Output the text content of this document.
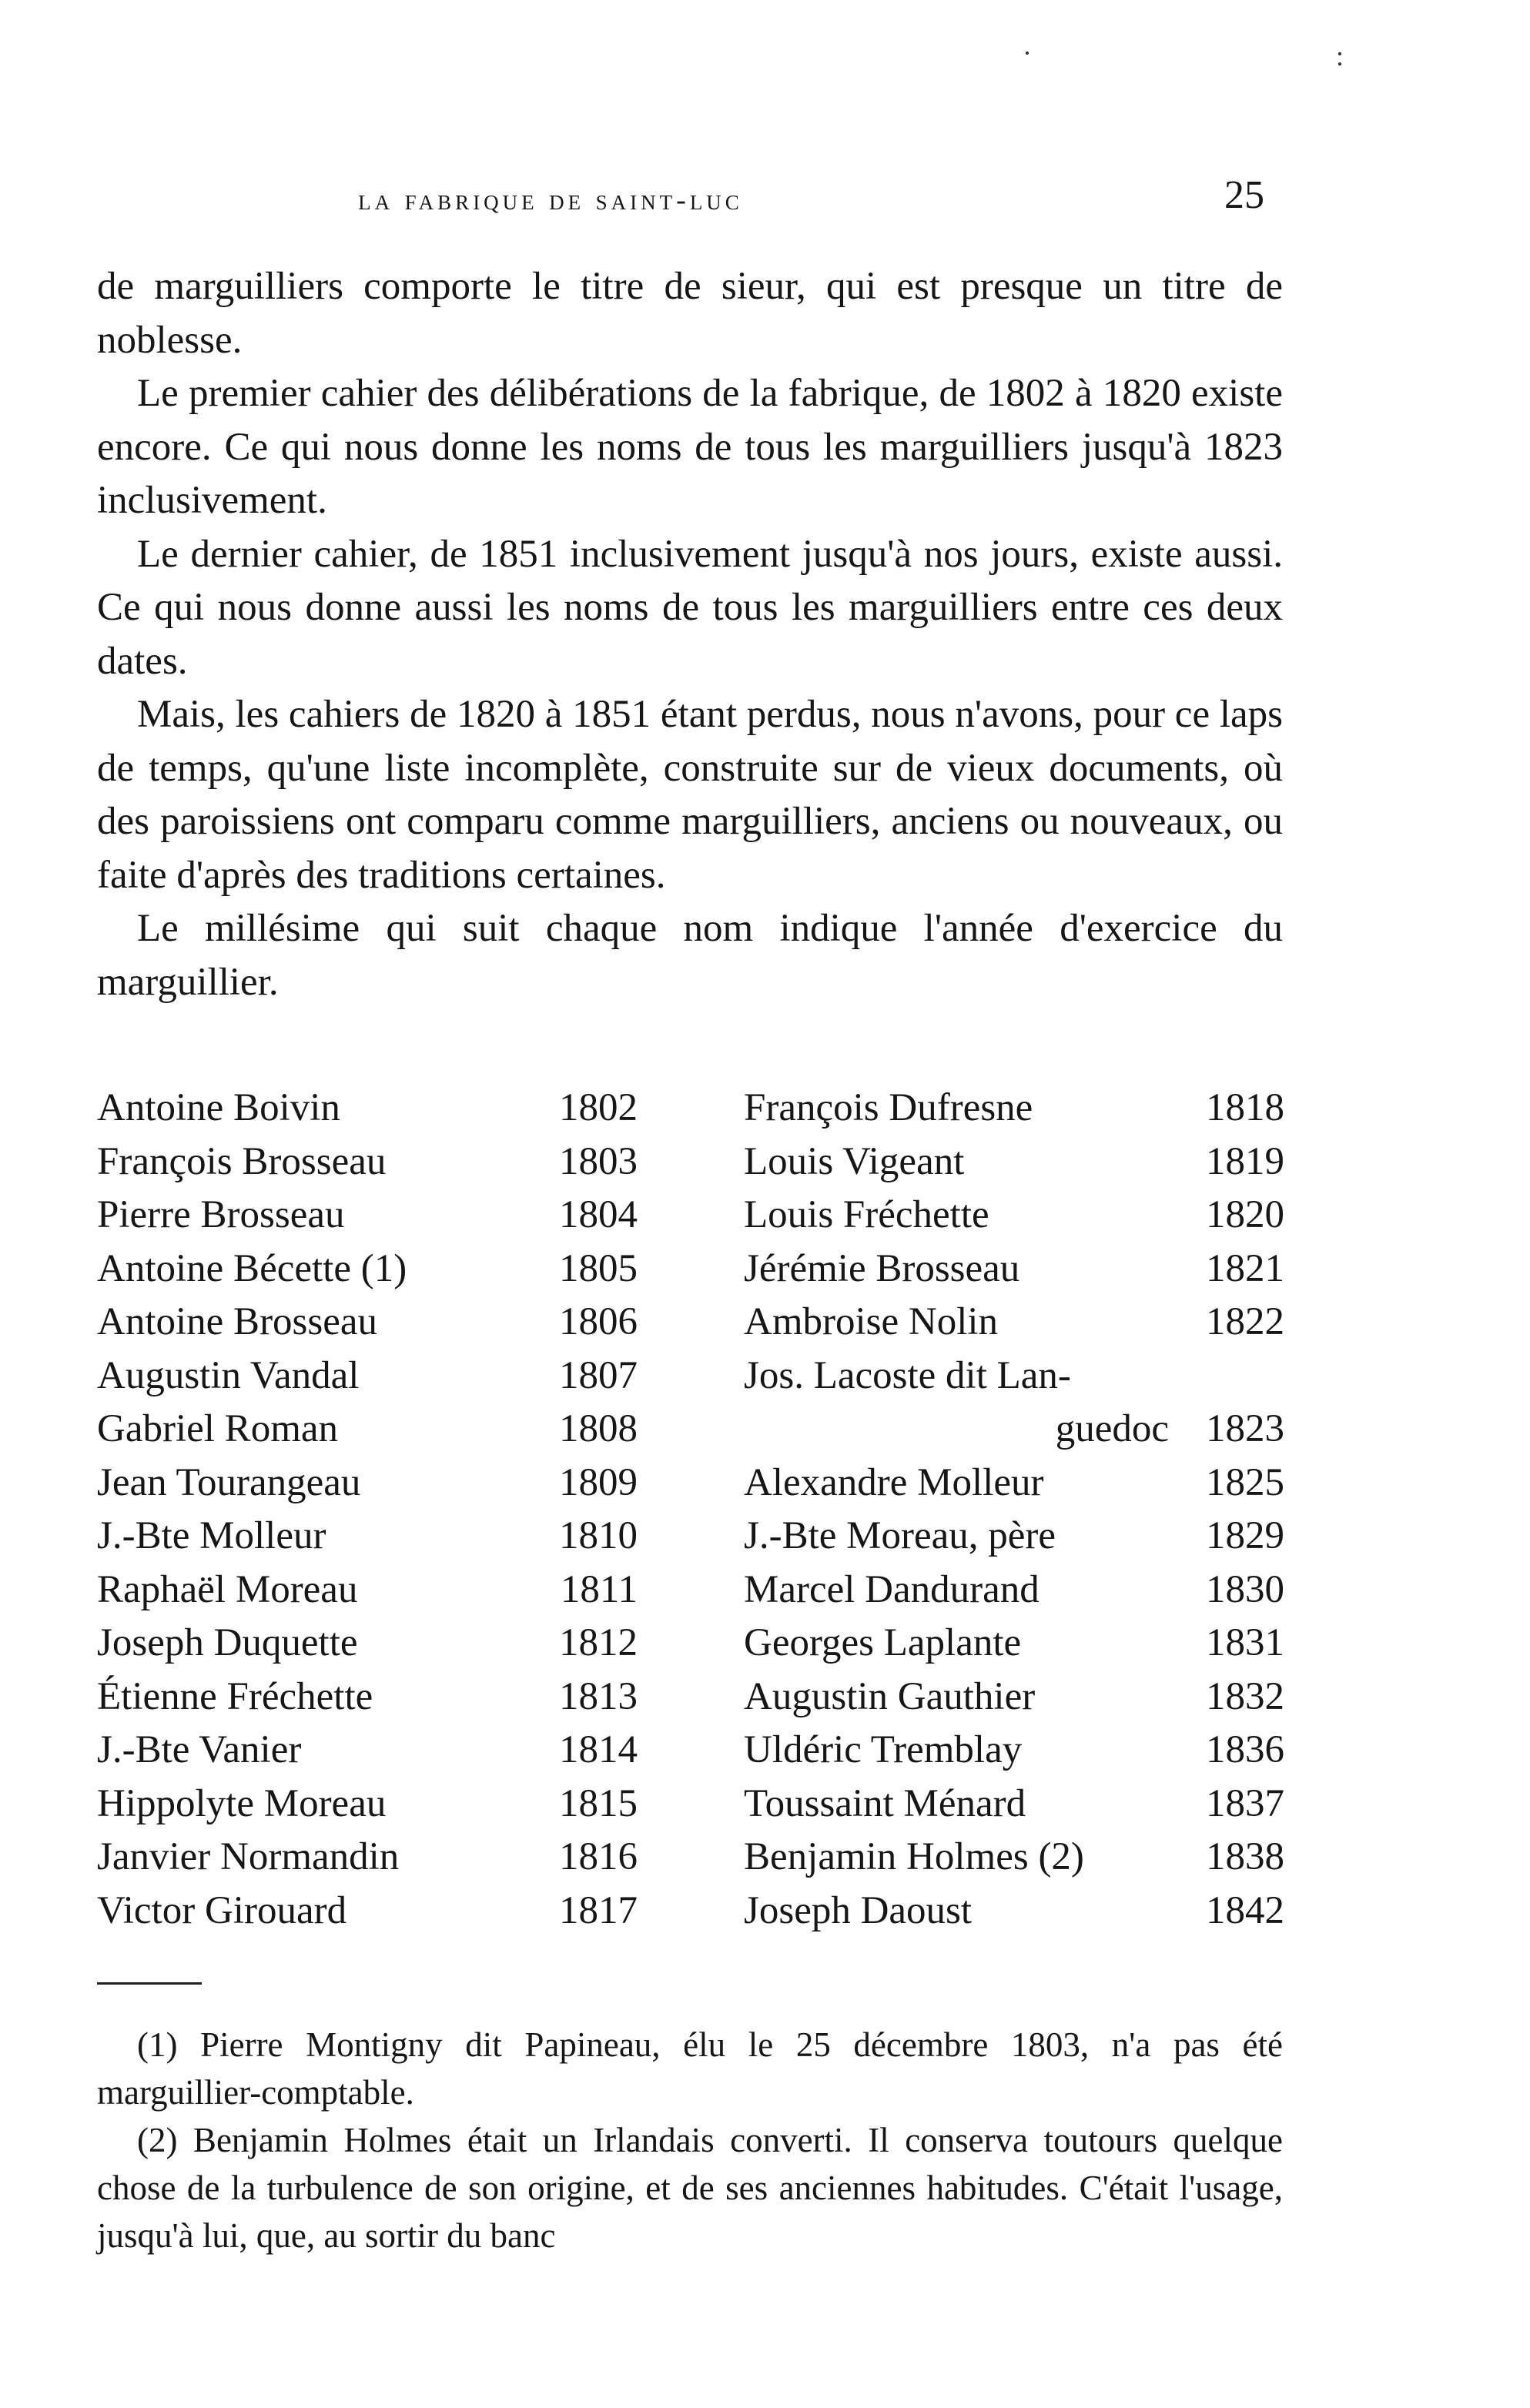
·	:
la fabrique de saint-luc	25

de marguilliers comporte le titre de sieur, qui est presque un titre de noblesse.

Le premier cahier des délibérations de la fabrique, de 1802 à 1820 existe encore. Ce qui nous donne les noms de tous les marguilliers jusqu'à 1823 inclusivement.

Le dernier cahier, de 1851 inclusivement jusqu'à nos jours, existe aussi. Ce qui nous donne aussi les noms de tous les marguilliers entre ces deux dates.

Mais, les cahiers de 1820 à 1851 étant perdus, nous n'avons, pour ce laps de temps, qu'une liste incomplète, construite sur de vieux documents, où des paroissiens ont comparu comme marguilliers, anciens ou nouveaux, ou faite d'après des traditions certaines.

Le millésime qui suit chaque nom indique l'année d'exercice du marguillier.

Antoine Boivin	1802
François Brosseau	1803
Pierre Brosseau	1804
Antoine Bécette (1)	1805
Antoine Brosseau	1806
Augustin Vandal	1807
Gabriel Roman	1808
Jean Tourangeau	1809
J.-Bte Molleur	1810
Raphaël Moreau	1811
Joseph Duquette	1812
Étienne Fréchette	1813
J.-Bte Vanier	1814
Hippolyte Moreau	1815
Janvier Normandin	1816
Victor Girouard	1817
François Dufresne	1818
Louis Vigeant	1819
Louis Fréchette	1820
Jérémie Brosseau	1821
Ambroise Nolin	1822
Jos. Lacoste dit Lan-
guedoc 1823
Alexandre Molleur	1825
J.-Bte Moreau, père	1829
Marcel Dandurand	1830
Georges Laplante	1831
Augustin Gauthier	1832
Uldéric Tremblay	1836
Toussaint Ménard	1837
Benjamin Holmes (2)	1838
Joseph Daoust	1842

(1) Pierre Montigny dit Papineau, élu le 25 décembre 1803, n'a pas été marguillier-comptable.

(2) Benjamin Holmes était un Irlandais converti. Il conserva toutours quelque chose de la turbulence de son origine, et de ses anciennes habitudes. C'était l'usage, jusqu'à lui, que, au sortir du banc
